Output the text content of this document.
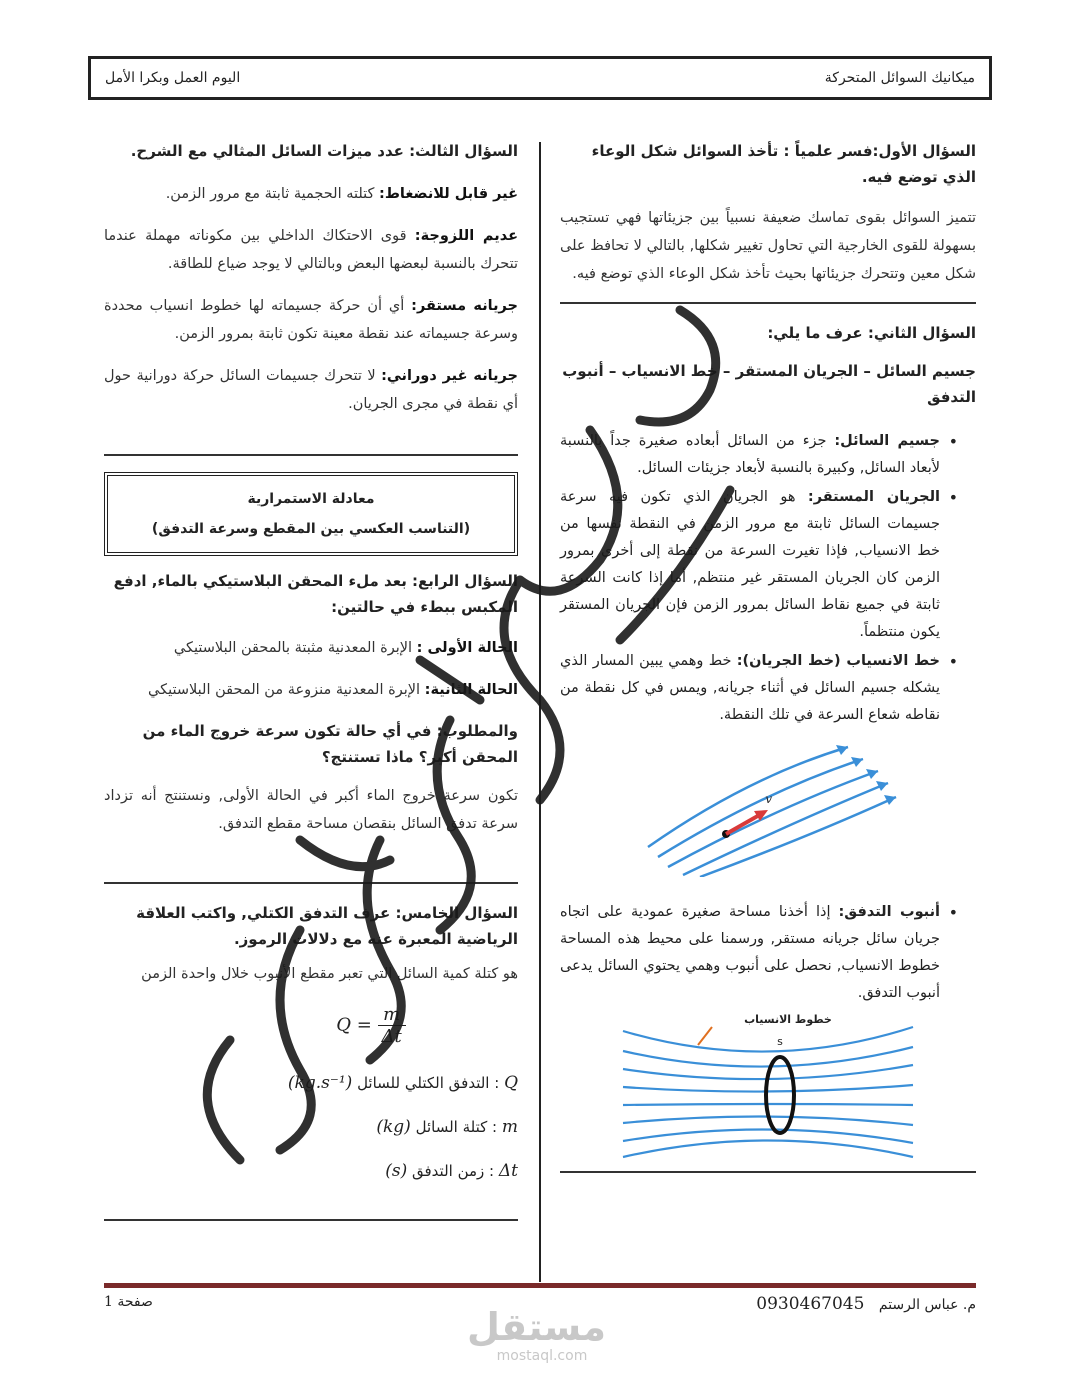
ميكانيك السوائل المتحركة
اليوم العمل وبكرا الأمل
السؤال الأول:فسر علمياً : تأخذ السوائل شكل الوعاء الذي توضع فيه.
تتميز السوائل بقوى تماسك ضعيفة نسبياً بين جزيئاتها فهي تستجيب بسهولة للقوى الخارجية التي تحاول تغيير شكلها, بالتالي لا تحافظ على شكل معين وتتحرك جزيئاتها بحيث تأخذ شكل الوعاء الذي توضع فيه.
السؤال الثاني: عرف ما يلي:
جسيم السائل – الجريان المستقر – خط الانسياب – أنبوب التدفق
• جسيم السائل: جزء من السائل أبعاده صغيرة جداً بالنسبة لأبعاد السائل, وكبيرة بالنسبة لأبعاد جزيئات السائل.
• الجريان المستقر: هو الجريان الذي تكون فيه سرعة جسيمات السائل ثابتة مع مرور الزمن في النقطة نفسها من خط الانسياب, فإذا تغيرت السرعة من نقطة إلى أخرى بمرور الزمن كان الجريان المستقر غير منتظم, أما إذا كانت السرعة ثابتة في جميع نقاط السائل بمرور الزمن فإن الجريان المستقر يكون منتظماً.
• خط الانسياب (خط الجريان): خط وهمي يبين المسار الذي يشكله جسيم السائل في أثناء جريانه, ويمس في كل نقطة من نقاطه شعاع السرعة في تلك النقطة.
v
• أنبوب التدفق: إذا أخذنا مساحة صغيرة عمودية على اتجاه جريان سائل جريانه مستقر, ورسمنا على محيط هذه المساحة خطوط الانسياب, نحصل على أنبوب وهمي يحتوي السائل يدعى أنبوب التدفق.
s
خطوط الانسياب
السؤال الثالث: عدد ميزات السائل المثالي مع الشرح.
غير قابل للانضغاط: كتلته الحجمية ثابتة مع مرور الزمن.
عديم اللزوجة: قوى الاحتكاك الداخلي بين مكوناته مهملة عندما تتحرك بالنسبة لبعضها البعض وبالتالي لا يوجد ضياع للطاقة.
جريانه مستقر: أي أن حركة جسيماته لها خطوط انسياب محددة وسرعة جسيماته عند نقطة معينة تكون ثابتة بمرور الزمن.
جريانه غير دوراني: لا تتحرك جسيمات السائل حركة دورانية حول أي نقطة في مجرى الجريان.
معادلة الاستمرارية
(التناسب العكسي بين المقطع وسرعة التدفق)
السؤال الرابع: بعد ملء المحقن البلاستيكي بالماء, ادفع المكبس ببطء في حالتين:
الحالة الأولى : الإبرة المعدنية مثبتة بالمحقن البلاستيكي
الحالة الثانية: الإبرة المعدنية منزوعة من المحقن البلاستيكي
والمطلوب: في أي حالة تكون سرعة خروج الماء من المحقن أكبر؟ ماذا تستنتج؟
تكون سرعة خروج الماء أكبر في الحالة الأولى, ونستنتج أنه تزداد سرعة تدفق السائل بنقصان مساحة مقطع التدفق.
السؤال الخامس: عرف التدفق الكتلي, واكتب العلاقة الرياضية المعبرة عنه مع دلالات الرموز.
هو كتلة كمية السائل التي تعبر مقطع الأنبوب خلال واحدة الزمن
$Q = \frac{m}{\Delta t}$
Q : التدفق الكتلي للسائل (kg.s⁻¹)
m : كتلة السائل (kg)
Δt : زمن التدفق (s)
م. عباس الرستم 0930467045
صفحة 1
مستقل
mostaql.com
